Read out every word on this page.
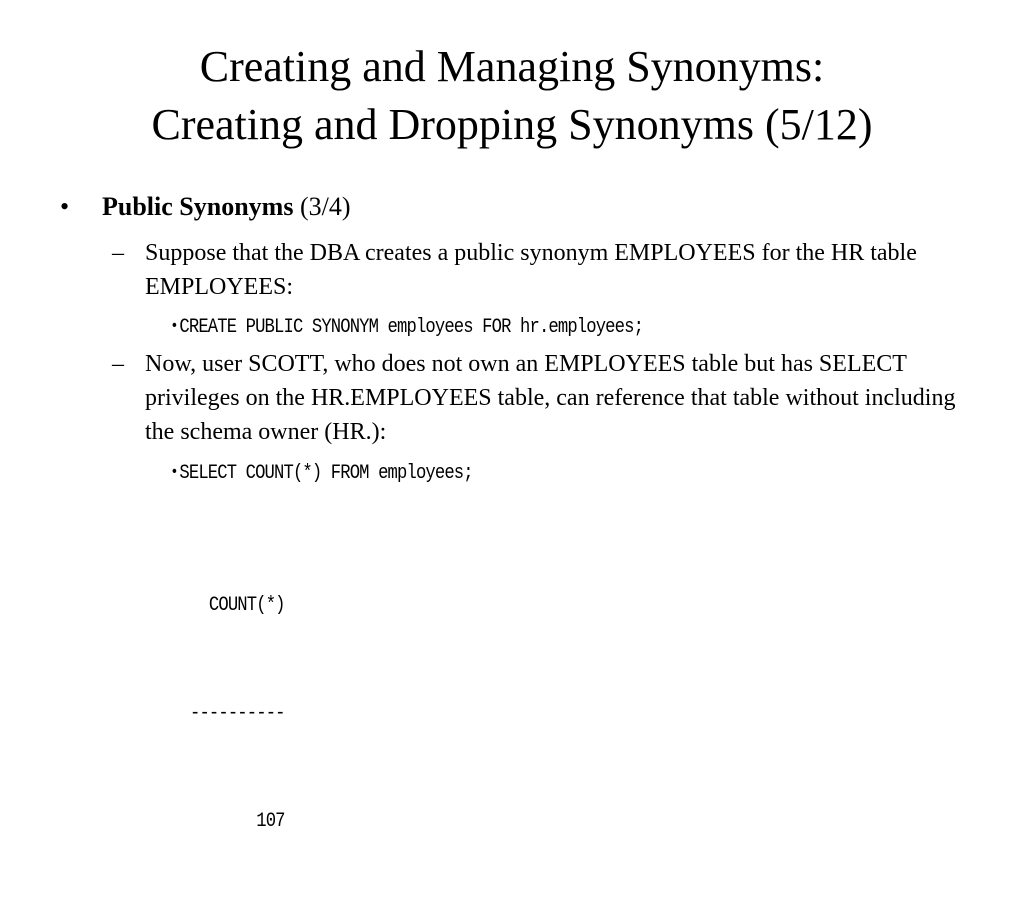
Creating and Managing Synonyms:
Creating and Dropping Synonyms (5/12)
• Public Synonyms (3/4)
– Suppose that the DBA creates a public synonym EMPLOYEES for the HR table EMPLOYEES:
• CREATE PUBLIC SYNONYM employees FOR hr.employees;
– Now, user SCOTT, who does not own an EMPLOYEES table but has SELECT privileges on the HR.EMPLOYEES table, can reference that table without including the schema owner (HR.):
• SELECT COUNT(*) FROM employees;

COUNT(*)

----------

107
